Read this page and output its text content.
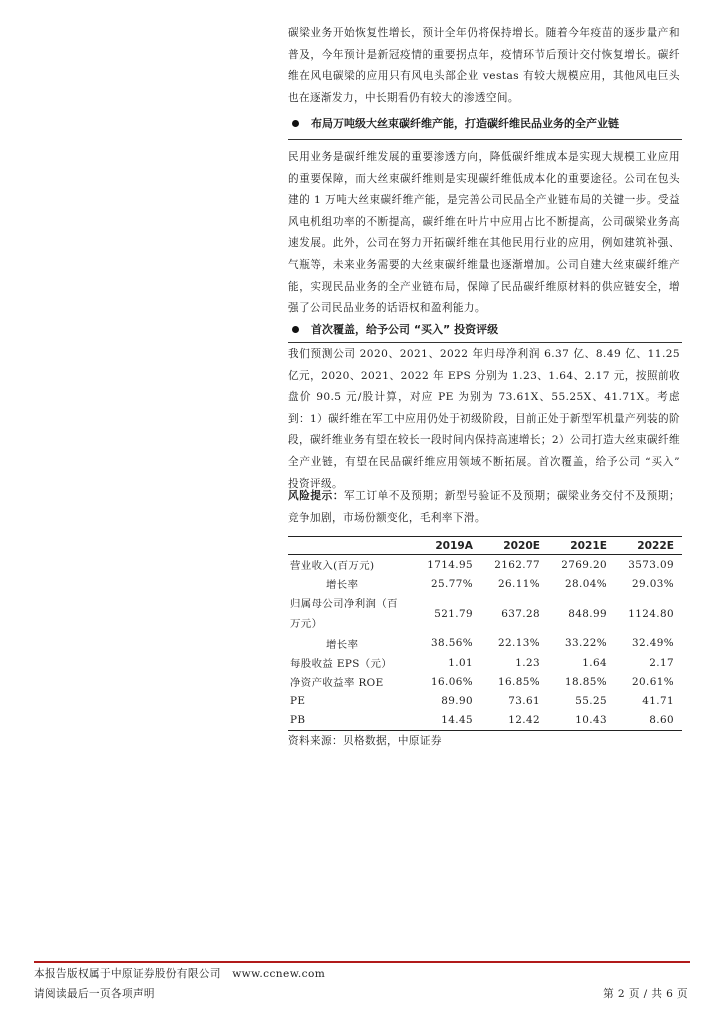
碳梁业务开始恢复性增长，预计全年仍将保持增长。随着今年疫苗的逐步量产和普及，今年预计是新冠疫情的重要拐点年，疫情环节后预计交付恢复增长。碳纤维在风电碳梁的应用只有风电头部企业 vestas 有较大规模应用，其他风电巨头也在逐渐发力，中长期看仍有较大的渗透空间。

布局万吨级大丝束碳纤维产能，打造碳纤维民品业务的全产业链

民用业务是碳纤维发展的重要渗透方向，降低碳纤维成本是实现大规模工业应用的重要保障，而大丝束碳纤维则是实现碳纤维低成本化的重要途径。公司在包头建的 1 万吨大丝束碳纤维产能，是完善公司民品全产业链布局的关键一步。受益风电机组功率的不断提高，碳纤维在叶片中应用占比不断提高，公司碳梁业务高速发展。此外，公司在努力开拓碳纤维在其他民用行业的应用，例如建筑补强、气瓶等，未来业务需要的大丝束碳纤维量也逐渐增加。公司自建大丝束碳纤维产能，实现民品业务的全产业链布局，保障了民品碳纤维原材料的供应链安全，增强了公司民品业务的话语权和盈利能力。

首次覆盖，给予公司 “买入” 投资评级

我们预测公司 2020、2021、2022 年归母净利润 6.37 亿、8.49 亿、11.25 亿元，2020、2021、2022 年 EPS 分别为 1.23、1.64、2.17 元，按照前收盘价 90.5 元/股计算，对应 PE 为别为 73.61X、55.25X、41.71X。考虑到：1）碳纤维在军工中应用仍处于初级阶段，目前正处于新型军机量产列装的阶段，碳纤维业务有望在较长一段时间内保持高速增长；2）公司打造大丝束碳纤维全产业链，有望在民品碳纤维应用领域不断拓展。首次覆盖，给予公司 “买入” 投资评级。

风险提示：军工订单不及预期；新型号验证不及预期；碳梁业务交付不及预期；竞争加剧，市场份额变化，毛利率下滑。

	2019A	2020E	2021E	2022E
营业收入(百万元)	1714.95	2162.77	2769.20	3573.09
增长率	25.77%	26.11%	28.04%	29.03%
归属母公司净利润（百万元）	521.79	637.28	848.99	1124.80
增长率	38.56%	22.13%	33.22%	32.49%
每股收益 EPS（元）	1.01	1.23	1.64	2.17
净资产收益率 ROE	16.06%	16.85%	18.85%	20.61%
PE	89.90	73.61	55.25	41.71
PB	14.45	12.42	10.43	8.60
资料来源：贝格数据，中原证券
本报告版权属于中原证券股份有限公司 www.ccnew.com
请阅读最后一页各项声明	第 2 页 / 共 6 页
